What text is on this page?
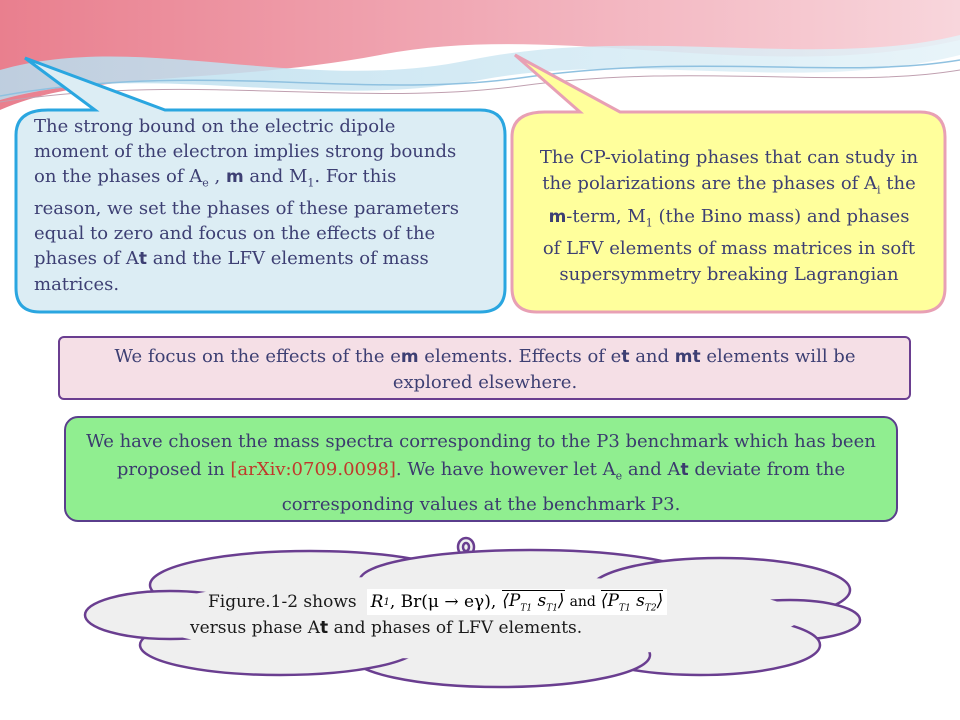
The strong bound on the electric dipole
moment of the electron implies strong bounds
on the phases of $A_e$ , m and $M_1$. For this
reason, we set the phases of these parameters
equal to zero and focus on the effects of the
phases of At and the LFV elements of mass
matrices.
The CP-violating phases that can study in
the polarizations are the phases of $A_i$ the
m-term, $M_1$ (the Bino mass) and phases
of LFV elements of mass matrices in soft
supersymmetry breaking Lagrangian
We focus on the effects of the em elements. Effects of et and mt elements will be
explored elsewhere.
We have chosen the mass spectra corresponding to the P3 benchmark which has been
proposed in [arXiv:0709.0098]. We have however let $A_e$ and At deviate from the
corresponding values at the benchmark P3.
Figure.1-2 shows R 1 , Br(μ → eγ), $⟨P_{T1}$ $s_{T1}⟩$ and $⟨P_{T1}$ $s_{T2}⟩$
versus phase At and phases of LFV elements.
